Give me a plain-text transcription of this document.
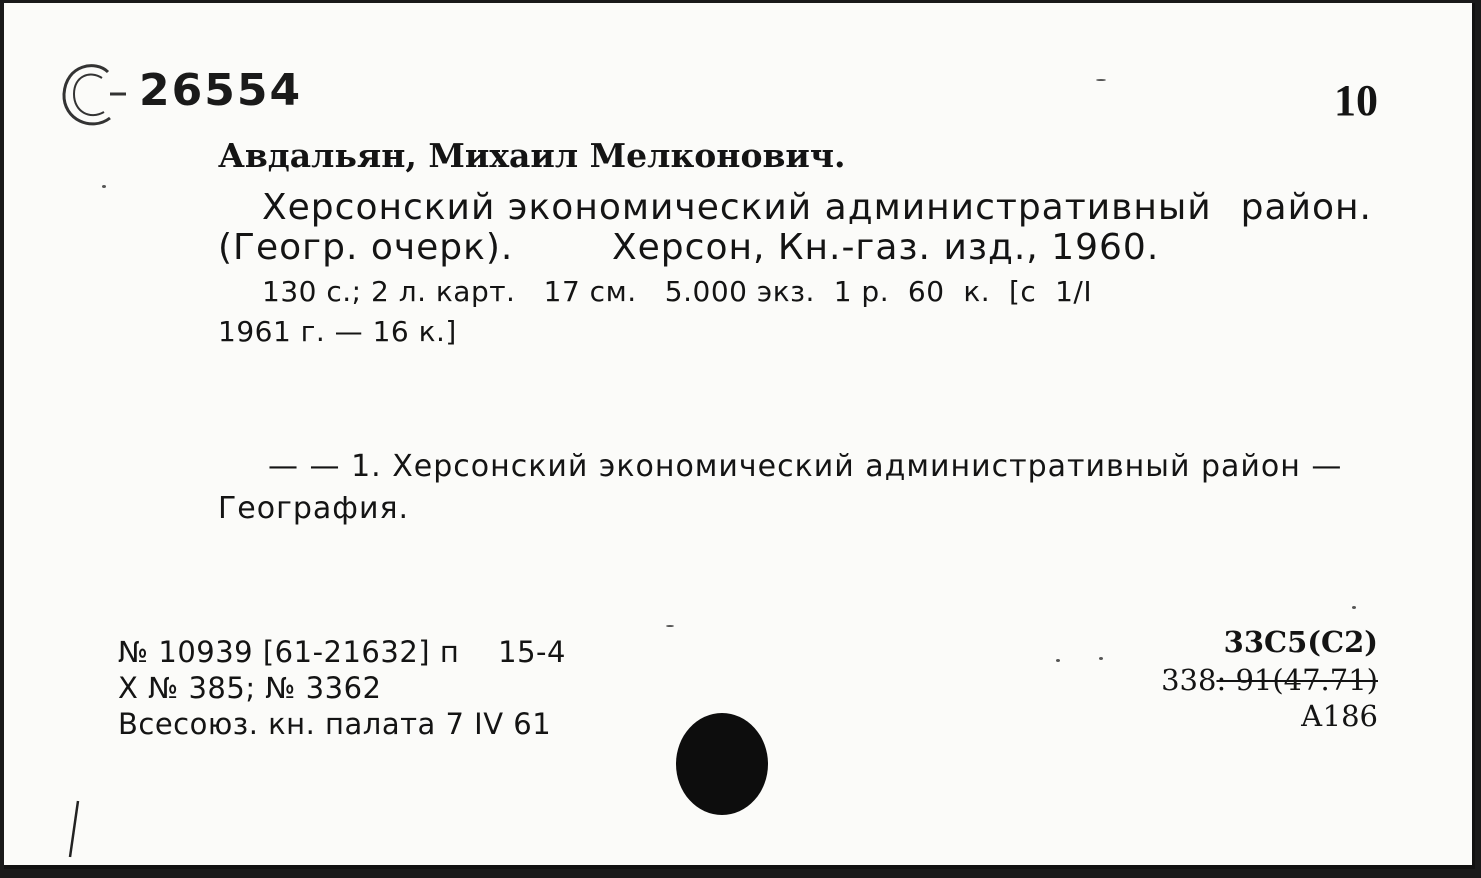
26554	10
Авдальян, Михаил Мелконович.
Херсонский экономический административный район.
(Геогр. очерк).	Херсон, Кн.-газ. изд., 1960.
130 с.; 2 л. карт.   17 см.   5.000 экз.  1 р.  60  к.  [с  1/I
1961 г. — 16 к.]
— — 1. Херсонский экономический административный район —
География.
№ 10939 [61-21632] п    15-4
X № 385; № 3362
Всесоюз. кн. палата 7 IV 61
33С5(С2)
338: 91(47.71)
А186
